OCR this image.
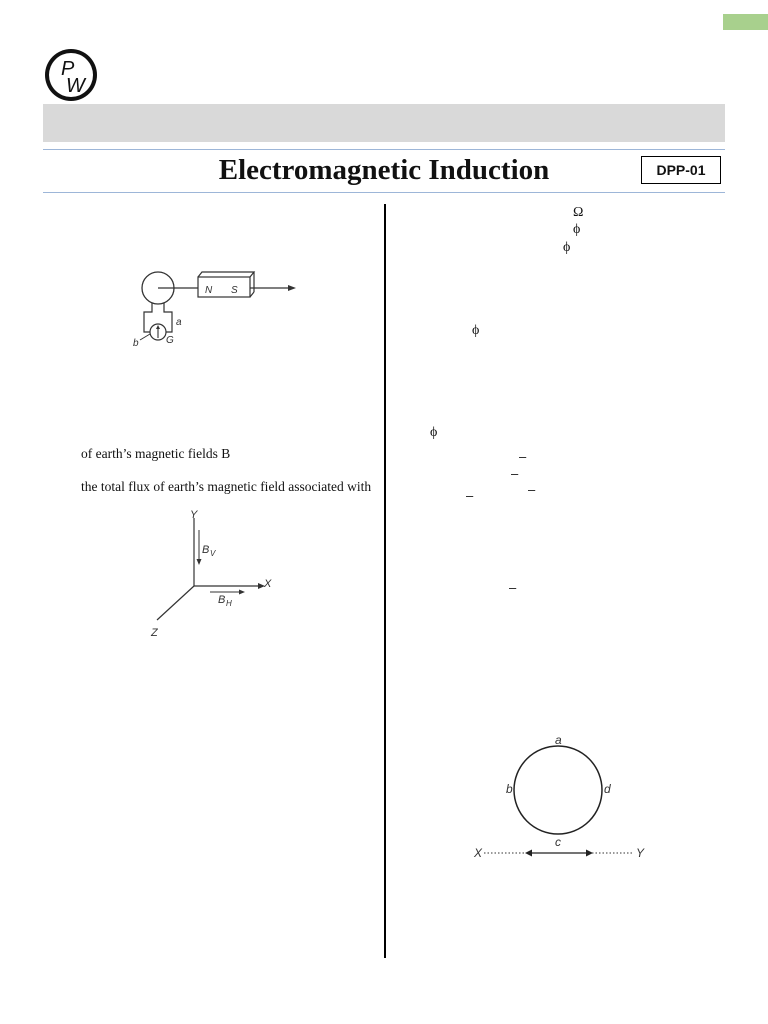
P
W
Electromagnetic Induction	DPP-01
N S
a
b	G
of earth’s magnetic fields B
the total flux of earth’s magnetic field associated with
Y
X
Z
B V
B H
Ω
ϕ
ϕ
ϕ
ϕ
–
–
–
–
–
a
b
c
d
X	Y
